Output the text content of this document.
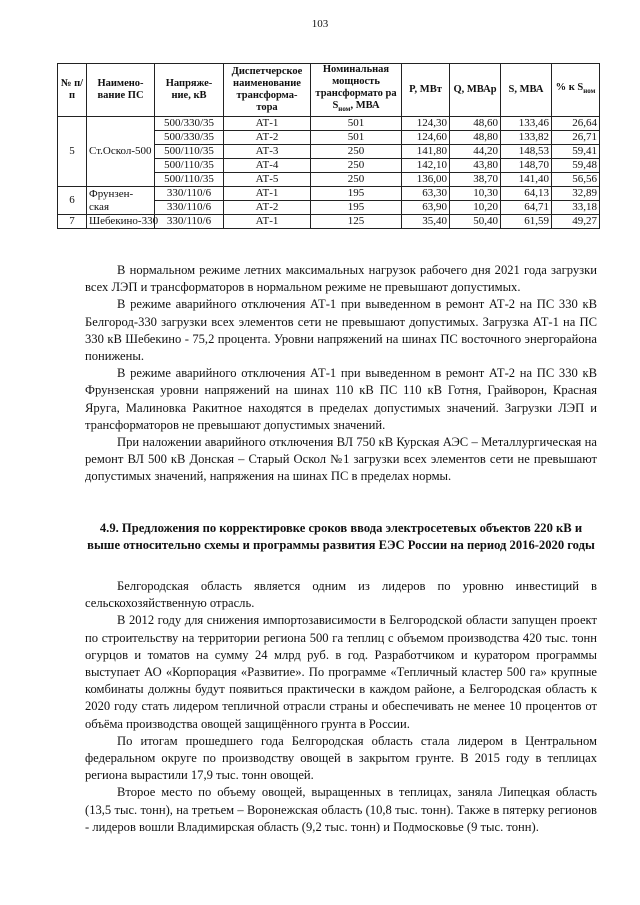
103
№ п/п	Наимено-вание ПС	Напряже-ние, кВ	Диспетчерское наименование трансформа-тора	Номинальная мощность трансформато ра $S_{ном}$, МВА	P, МВт	Q, МВАр	S, МВА	% к $S_{ном}$
5	Ст.Оскол-500	500/330/35	АТ-1	501	124,30	48,60	133,46	26,64
		500/330/35	АТ-2	501	124,60	48,80	133,82	26,71
		500/110/35	АТ-3	250	141,80	44,20	148,53	59,41
		500/110/35	АТ-4	250	142,10	43,80	148,70	59,48
		500/110/35	АТ-5	250	136,00	38,70	141,40	56,56
6	Фрунзен-ская	330/110/6	АТ-1	195	63,30	10,30	64,13	32,89
		330/110/6	АТ-2	195	63,90	10,20	64,71	33,18
7	Шебекино-330	330/110/6	АТ-1	125	35,40	50,40	61,59	49,27

В нормальном режиме летних максимальных нагрузок рабочего дня 2021 года загрузки всех ЛЭП и трансформаторов в нормальном режиме не превышают допустимых.

В режиме аварийного отключения АТ-1 при выведенном в ремонт АТ-2 на ПС 330 кВ Белгород-330 загрузки всех элементов сети не превышают допустимых. Загрузка АТ-1 на ПС 330 кВ Шебекино - 75,2 процента. Уровни напряжений на шинах ПС восточного энергорайона понижены.

В режиме аварийного отключения АТ-1 при выведенном в ремонт АТ-2 на ПС 330 кВ Фрунзенская уровни напряжений на шинах 110 кВ ПС 110 кВ Готня, Грайворон, Красная Яруга, Малиновка Ракитное находятся в пределах допустимых значений. Загрузки ЛЭП и трансформаторов не превышают допустимых значений.

При наложении аварийного отключения ВЛ 750 кВ Курская АЭС – Металлургическая на ремонт ВЛ 500 кВ Донская – Старый Оскол №1 загрузки всех элементов сети не превышают допустимых значений, напряжения на шинах ПС в пределах нормы.

4.9. Предложения по корректировке сроков ввода электросетевых объектов 220 кВ и выше относительно схемы и программы развития ЕЭС России на период 2016-2020 годы

Белгородская область является одним из лидеров по уровню инвестиций в сельскохозяйственную отрасль.

В 2012 году для снижения импортозависимости в Белгородской области запущен проект по строительству на территории региона 500 га теплиц с объемом производства 420 тыс. тонн огурцов и томатов на сумму 24 млрд руб. в год. Разработчиком и куратором программы выступает АО «Корпорация «Развитие». По программе «Тепличный кластер 500 га» крупные комбинаты должны будут появиться практически в каждом районе, а Белгородская область к 2020 году стать лидером тепличной отрасли страны и обеспечивать не менее 10 процентов от объёма производства овощей защищённого грунта в России.

По итогам прошедшего года Белгородская область стала лидером в Центральном федеральном округе по производству овощей в закрытом грунте. В 2015 году в теплицах региона вырастили 17,9 тыс. тонн овощей.

Второе место по объему овощей, выращенных в теплицах, заняла Липецкая область (13,5 тыс. тонн), на третьем – Воронежская область (10,8 тыс. тонн). Также в пятерку регионов - лидеров вошли Владимирская область (9,2 тыс. тонн) и Подмосковье (9 тыс. тонн).
